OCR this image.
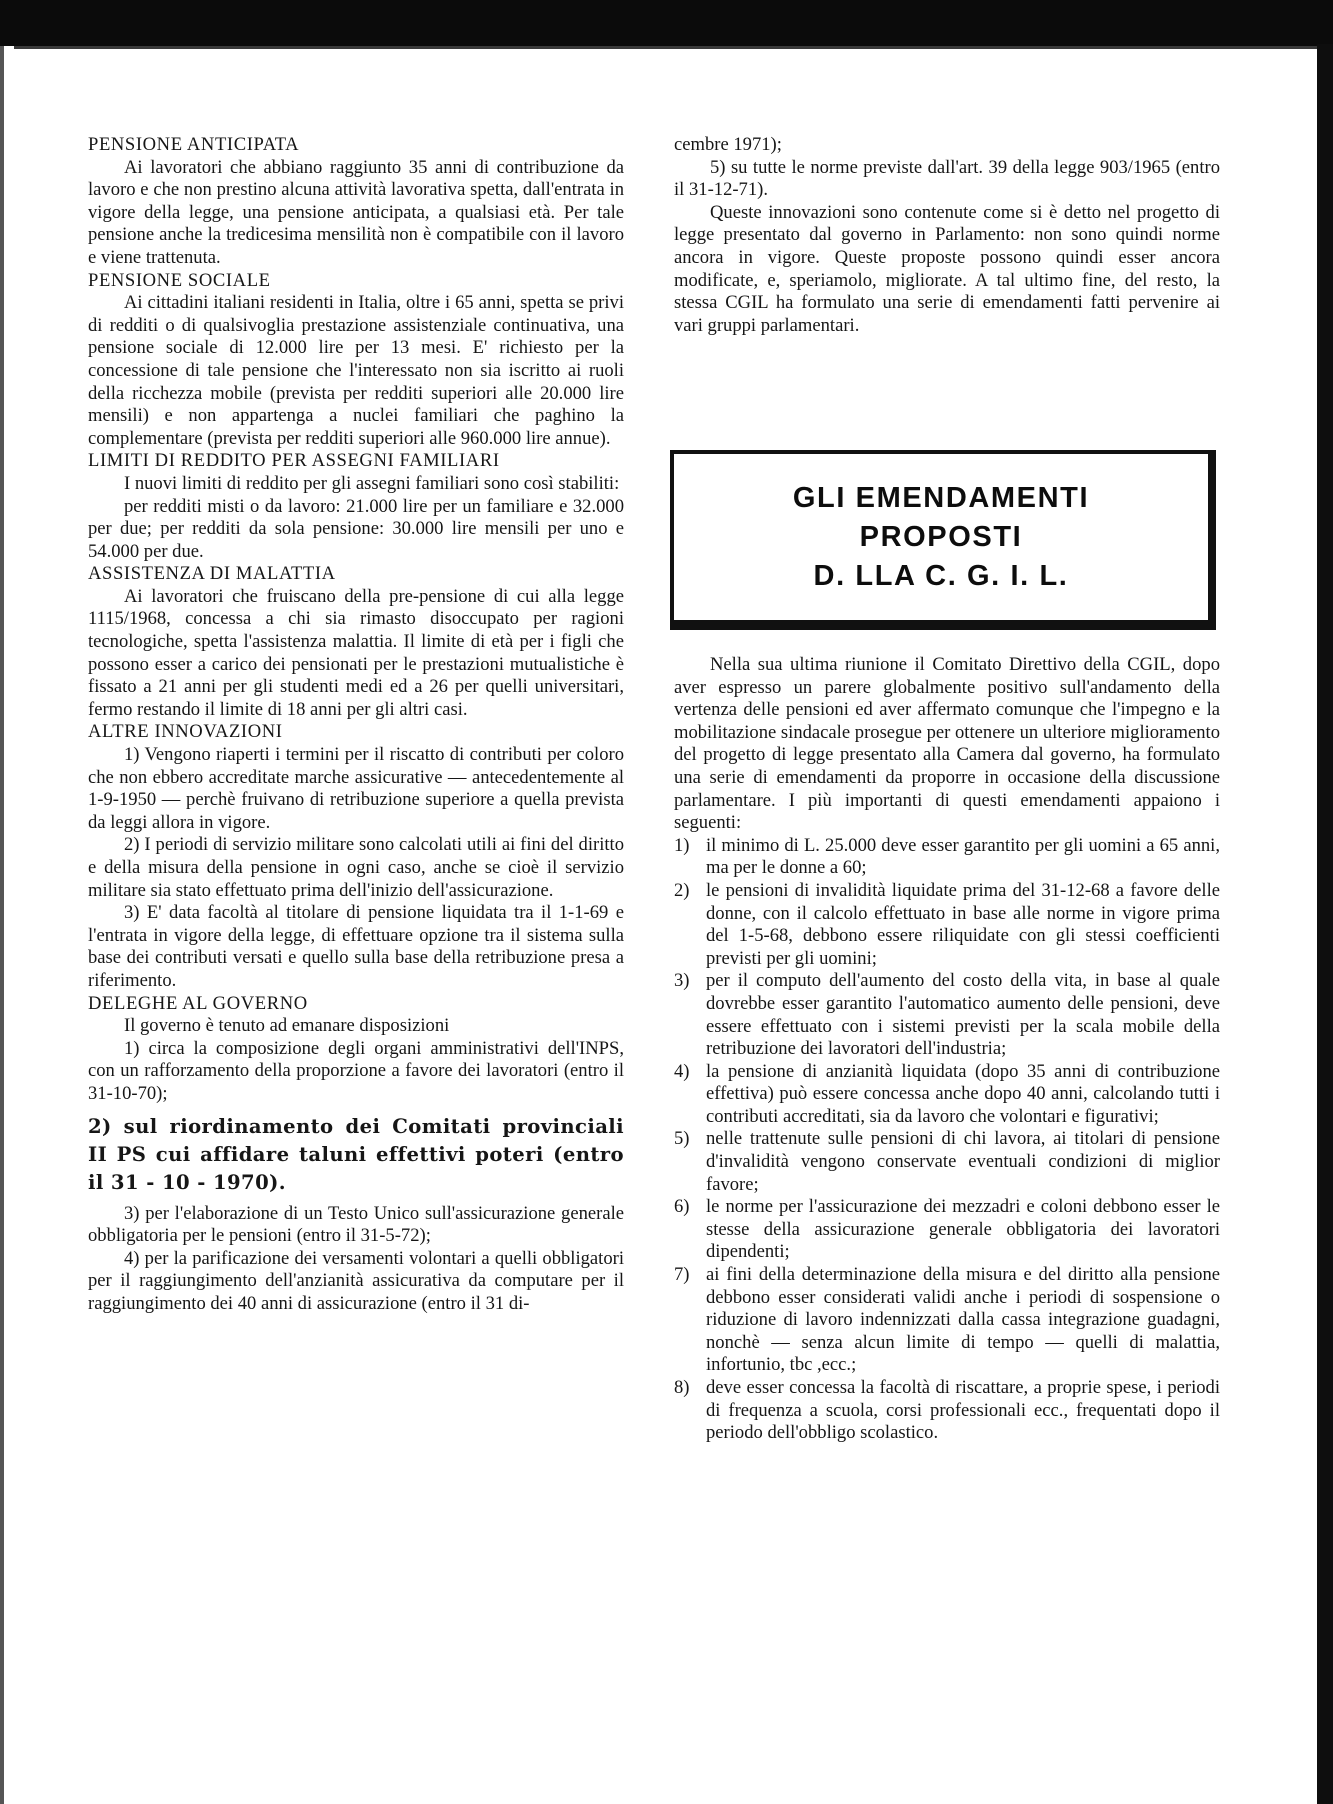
PENSIONE ANTICIPATA

Ai lavoratori che abbiano raggiunto 35 anni di contribuzione da lavoro e che non prestino alcuna attività lavorativa spetta, dall'entrata in vigore della legge, una pensione anticipata, a qualsiasi età. Per tale pensione anche la tredicesima mensilità non è compatibile con il lavoro e viene trattenuta.

PENSIONE SOCIALE

Ai cittadini italiani residenti in Italia, oltre i 65 anni, spetta se privi di redditi o di qualsivoglia prestazione assistenziale continuativa, una pensione sociale di 12.000 lire per 13 mesi. E' richiesto per la concessione di tale pensione che l'interessato non sia iscritto ai ruoli della ricchezza mobile (prevista per redditi superiori alle 20.000 lire mensili) e non appartenga a nuclei familiari che paghino la complementare (prevista per redditi superiori alle 960.000 lire annue).

LIMITI DI REDDITO PER ASSEGNI FAMILIARI

I nuovi limiti di reddito per gli assegni familiari sono così stabiliti:

per redditi misti o da lavoro: 21.000 lire per un familiare e 32.000 per due; per redditi da sola pensione: 30.000 lire mensili per uno e 54.000 per due.

ASSISTENZA DI MALATTIA

Ai lavoratori che fruiscano della pre-pensione di cui alla legge 1115/1968, concessa a chi sia rimasto disoccupato per ragioni tecnologiche, spetta l'assistenza malattia. Il limite di età per i figli che possono esser a carico dei pensionati per le prestazioni mutualistiche è fissato a 21 anni per gli studenti medi ed a 26 per quelli universitari, fermo restando il limite di 18 anni per gli altri casi.

ALTRE INNOVAZIONI

1) Vengono riaperti i termini per il riscatto di contributi per coloro che non ebbero accreditate marche assicurative — antecedentemente al 1-9-1950 — perchè fruivano di retribuzione superiore a quella prevista da leggi allora in vigore.

2) I periodi di servizio militare sono calcolati utili ai fini del diritto e della misura della pensione in ogni caso, anche se cioè il servizio militare sia stato effettuato prima dell'inizio dell'assicurazione.

3) E' data facoltà al titolare di pensione liquidata tra il 1-1-69 e l'entrata in vigore della legge, di effettuare opzione tra il sistema sulla base dei contributi versati e quello sulla base della retribuzione presa a riferimento.

DELEGHE AL GOVERNO

Il governo è tenuto ad emanare disposizioni

1) circa la composizione degli organi amministrativi dell'INPS, con un rafforzamento della proporzione a favore dei lavoratori (entro il 31-10-70);

2) sul riordinamento dei Comitati provinciali II PS cui affidare taluni effettivi poteri (entro il 31 - 10 - 1970).

3) per l'elaborazione di un Testo Unico sull'assicurazione generale obbligatoria per le pensioni (entro il 31-5-72);

4) per la parificazione dei versamenti volontari a quelli obbligatori per il raggiungimento dell'anzianità assicurativa da computare per il raggiungimento dei 40 anni di assicurazione (entro il 31 di-

cembre 1971);

5) su tutte le norme previste dall'art. 39 della legge 903/1965 (entro il 31-12-71).

Queste innovazioni sono contenute come si è detto nel progetto di legge presentato dal governo in Parlamento: non sono quindi norme ancora in vigore. Queste proposte possono quindi esser ancora modificate, e, speriamolo, migliorate. A tal ultimo fine, del resto, la stessa CGIL ha formulato una serie di emendamenti fatti pervenire ai vari gruppi parlamentari.

GLI EMENDAMENTI
PROPOSTI
D. LLA C. G. I. L.

Nella sua ultima riunione il Comitato Direttivo della CGIL, dopo aver espresso un parere globalmente positivo sull'andamento della vertenza delle pensioni ed aver affermato comunque che l'impegno e la mobilitazione sindacale prosegue per ottenere un ulteriore miglioramento del progetto di legge presentato alla Camera dal governo, ha formulato una serie di emendamenti da proporre in occasione della discussione parlamentare. I più importanti di questi emendamenti appaiono i seguenti:

1) il minimo di L. 25.000 deve esser garantito per gli uomini a 65 anni, ma per le donne a 60;
2) le pensioni di invalidità liquidate prima del 31-12-68 a favore delle donne, con il calcolo effettuato in base alle norme in vigore prima del 1-5-68, debbono essere riliquidate con gli stessi coefficienti previsti per gli uomini;
3) per il computo dell'aumento del costo della vita, in base al quale dovrebbe esser garantito l'automatico aumento delle pensioni, deve essere effettuato con i sistemi previsti per la scala mobile della retribuzione dei lavoratori dell'industria;
4) la pensione di anzianità liquidata (dopo 35 anni di contribuzione effettiva) può essere concessa anche dopo 40 anni, calcolando tutti i contributi accreditati, sia da lavoro che volontari e figurativi;
5) nelle trattenute sulle pensioni di chi lavora, ai titolari di pensione d'invalidità vengono conservate eventuali condizioni di miglior favore;
6) le norme per l'assicurazione dei mezzadri e coloni debbono esser le stesse della assicurazione generale obbligatoria dei lavoratori dipendenti;
7) ai fini della determinazione della misura e del diritto alla pensione debbono esser considerati validi anche i periodi di sospensione o riduzione di lavoro indennizzati dalla cassa integrazione guadagni, nonchè — senza alcun limite di tempo — quelli di malattia, infortunio, tbc ,ecc.;
8) deve esser concessa la facoltà di riscattare, a proprie spese, i periodi di frequenza a scuola, corsi professionali ecc., frequentati dopo il periodo dell'obbligo scolastico.
